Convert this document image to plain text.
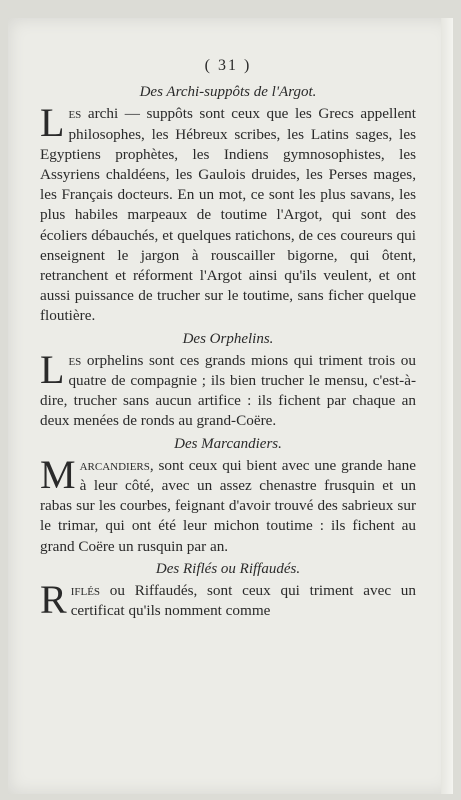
( 31 )
Des Archi-suppôts de l'Argot.

Les archi — suppôts sont ceux que les Grecs appellent philosophes, les Hébreux scribes, les Latins sages, les Egyptiens prophètes, les Indiens gymnosophistes, les Assyriens chaldéens, les Gaulois druides, les Perses mages, les Français docteurs. En un mot, ce sont les plus savans, les plus habiles marpeaux de toutime l'Argot, qui sont des écoliers débauchés, et quelques ratichons, de ces coureurs qui enseignent le jargon à rouscailler bigorne, qui ôtent, retranchent et réforment l'Argot ainsi qu'ils veulent, et ont aussi puissance de trucher sur le toutime, sans ficher quelque floutière.

Des Orphelins.

Les orphelins sont ces grands mions qui triment trois ou quatre de compagnie ; ils bien trucher le mensu, c'est-à-dire, trucher sans aucun artifice : ils fichent par chaque an deux menées de ronds au grand-Coëre.

Des Marcandiers.

Marcandiers, sont ceux qui bient avec une grande hane à leur côté, avec un assez chenastre frusquin et un rabas sur les courbes, feignant d'avoir trouvé des sabrieux sur le trimar, qui ont été leur michon toutime : ils fichent au grand Coëre un rusquin par an.

Des Riflés ou Riffaudés.

Riflés ou Riffaudés, sont ceux qui triment avec un certificat qu'ils nomment comme
